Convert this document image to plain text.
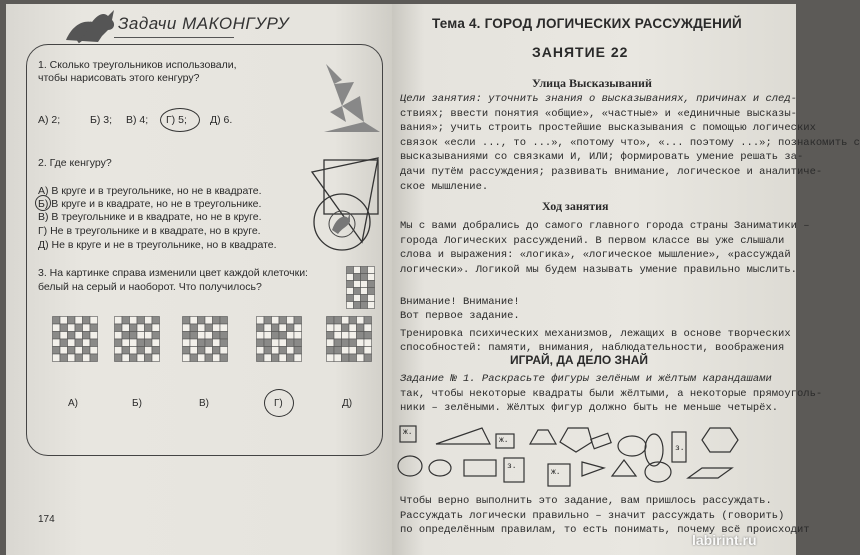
Задачи МАКОНГУРУ
1. Сколько треугольников использовали,
чтобы нарисовать этого кенгуру?
А) 2;	Б) 3; В) 4; Г) 5; Д) 6.
2. Где кенгуру?
А) В круге и в треугольнике, но не в квадрате.
Б) В круге и в квадрате, но не в треугольнике.
В) В треугольнике и в квадрате, но не в круге.
Г) Не в треугольнике и в квадрате, но в круге.
Д) Не в круге и не в треугольнике, но в квадрате.
3. На картинке справа изменили цвет каждой клеточки:
белый на серый и наоборот. Что получилось?
А)	Б)	В)	Г)	Д)
174
Тема 4. ГОРОД ЛОГИЧЕСКИХ РАССУЖДЕНИЙ
ЗАНЯТИЕ 22
Улица Высказываний
Цели занятия: уточнить знания о высказываниях, причинах и след-
ствиях; ввести понятия «общие», «частные» и «единичные высказы-
вания»; учить строить простейшие высказывания с помощью логических
связок «если ..., то ...», «потому что», «... поэтому ...»; познакомить с
высказываниями со связками И, ИЛИ; формировать умение решать за-
дачи путём рассуждения; развивать внимание, логическое и аналитиче-
ское мышление.
Ход занятия
Мы с вами добрались до самого главного города страны Заниматики –
города Логических рассуждений. В первом классе вы уже слышали
слова и выражения: «логика», «логическое мышление», «рассуждай
логически». Логикой мы будем называть умение правильно мыслить.
Внимание! Внимание!
Вот первое задание.
Тренировка психических механизмов, лежащих в основе творческих
способностей: памяти, внимания, наблюдательности, воображения
ИГРАЙ, ДА ДЕЛО ЗНАЙ
Задание № 1. Раскрасьте фигуры зелёным и жёлтым карандашами
так, чтобы некоторые квадраты были жёлтыми, а некоторые прямоуголь-
ники – зелёными. Жёлтых фигур должно быть не меньше четырёх.
ж.
ж.
з.
ж.
з.
Чтобы верно выполнить это задание, вам пришлось рассуждать.
Рассуждать логически правильно – значит рассуждать (говорить)
по определённым правилам, то есть понимать, почему всё происходит
labirint.ru
